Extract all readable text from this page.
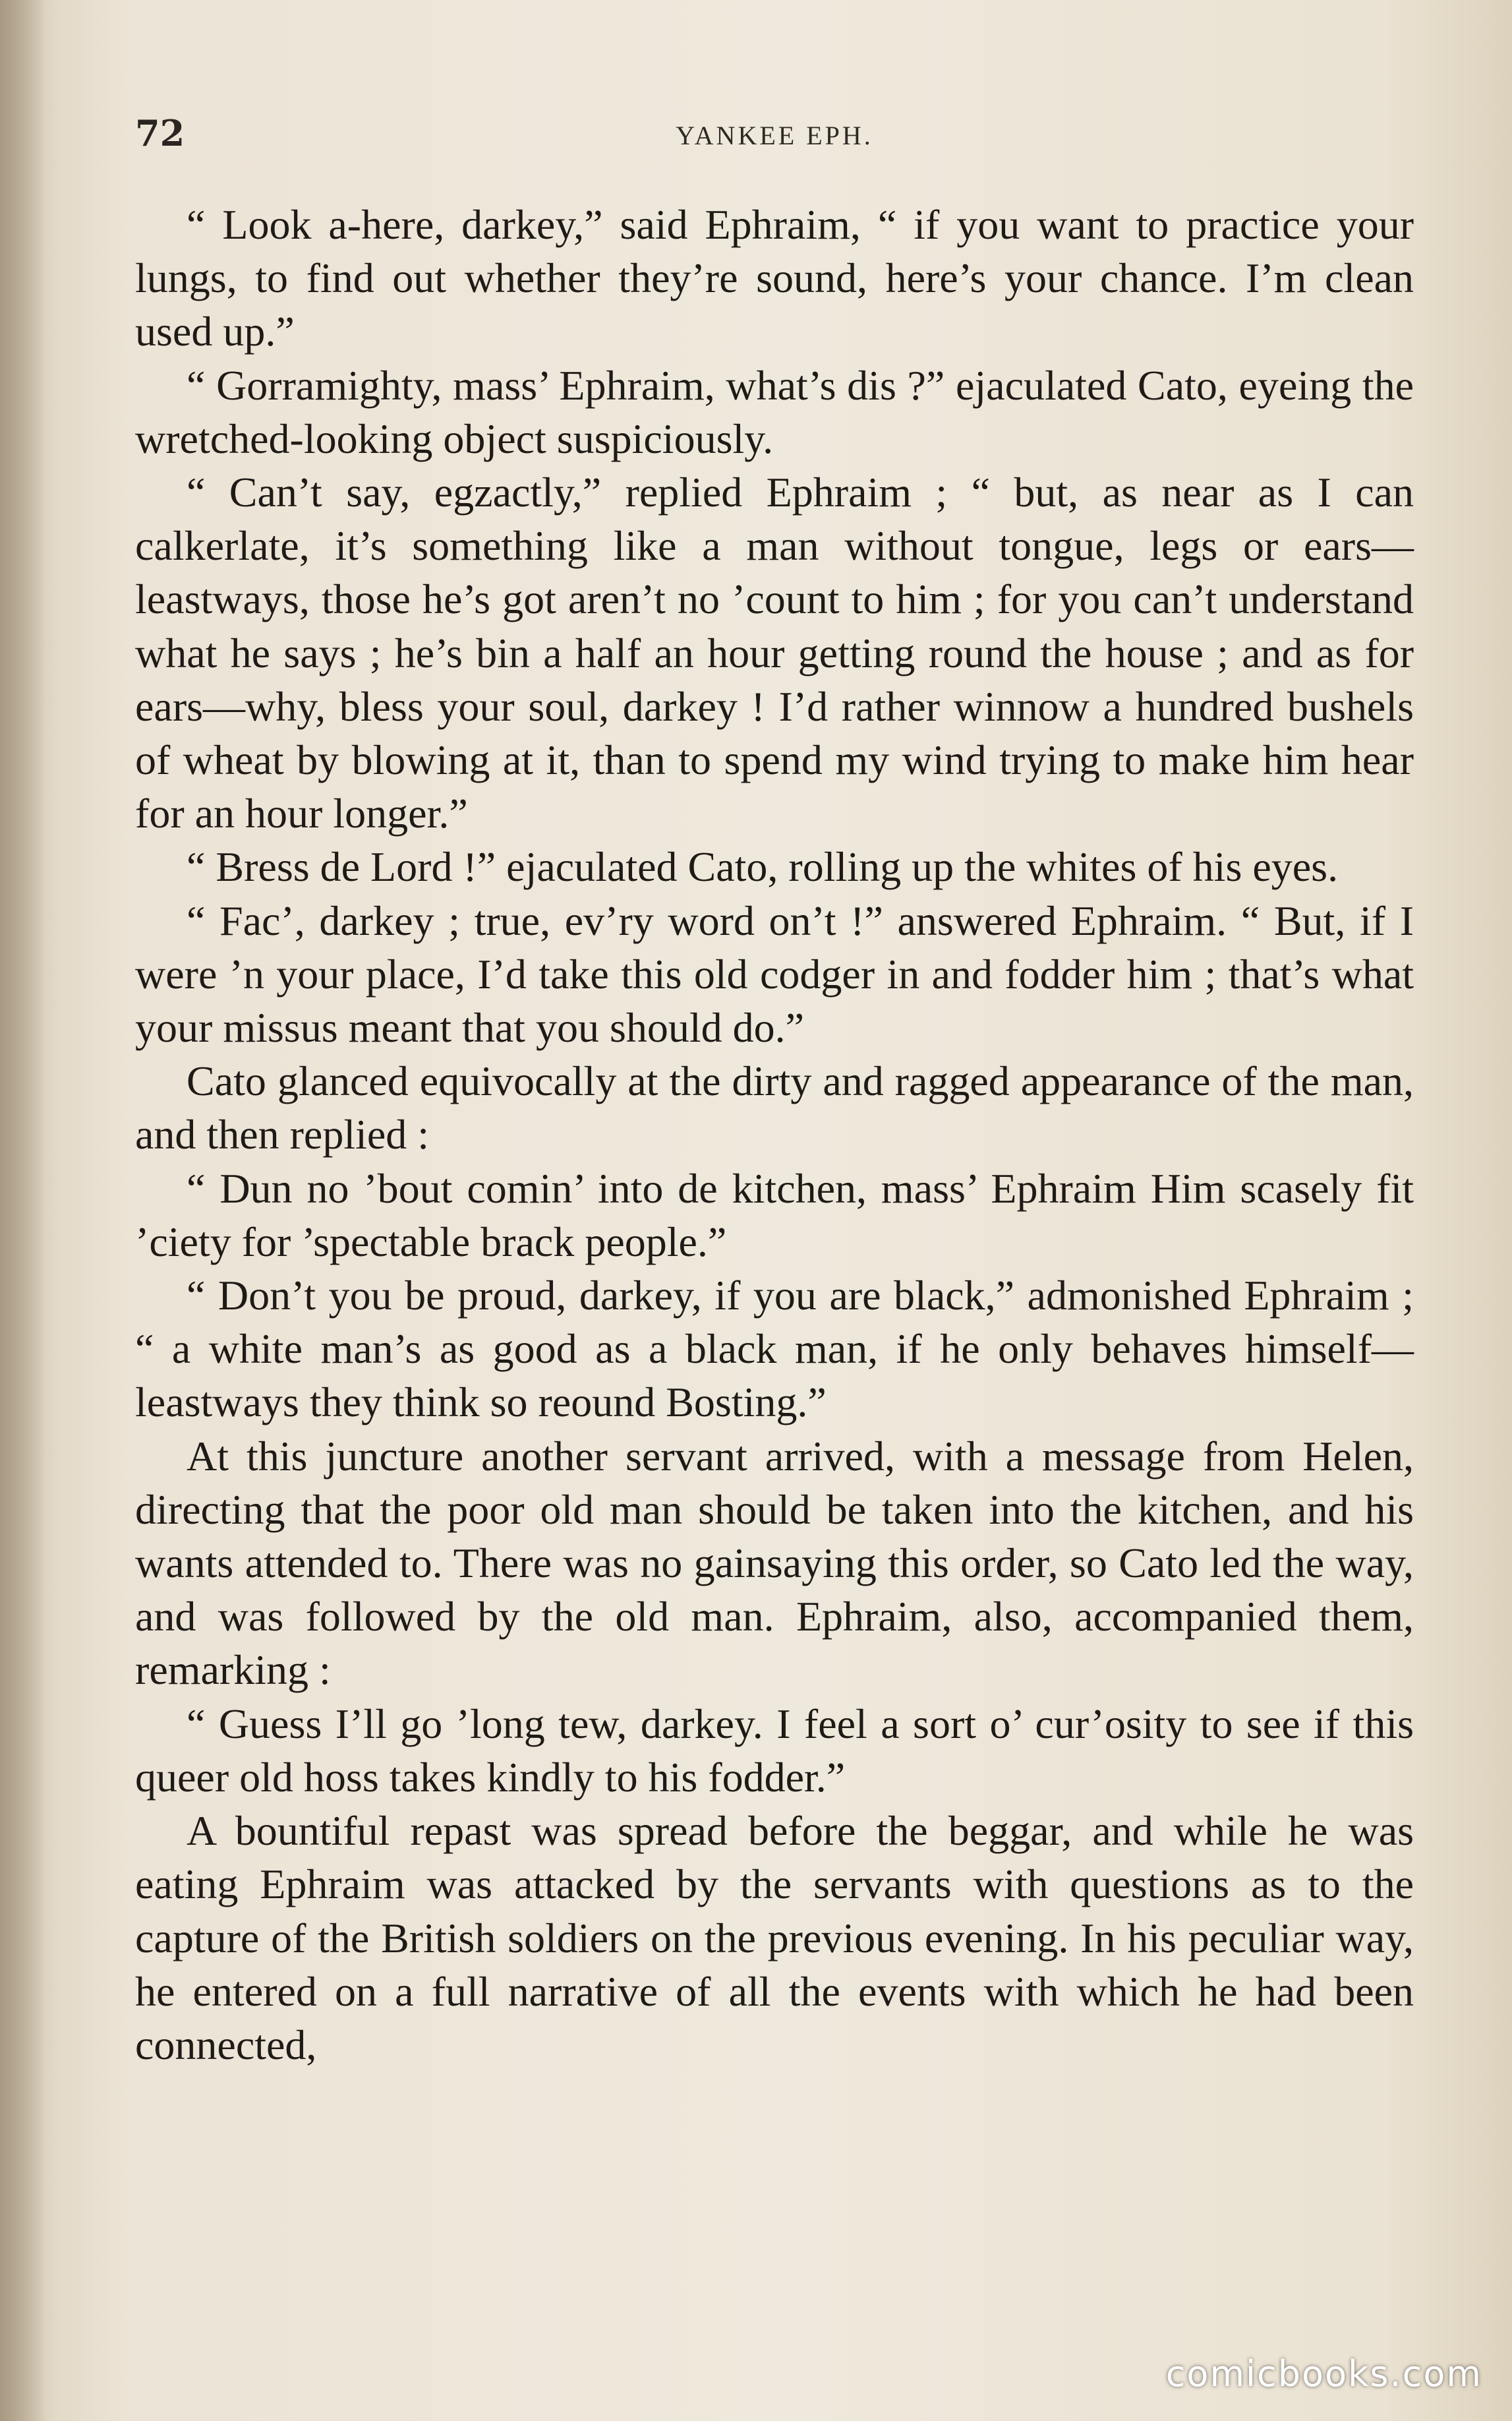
72	YANKEE EPH.

“ Look a-here, darkey,” said Ephraim, “ if you want to practice your lungs, to find out whether they’re sound, here’s your chance. I’m clean used up.”

“ Gorramighty, mass’ Ephraim, what’s dis ?” ejaculated Cato, eyeing the wretched-looking object suspiciously.

“ Can’t say, egzactly,” replied Ephraim ; “ but, as near as I can calkerlate, it’s something like a man without tongue, legs or ears—leastways, those he’s got aren’t no ’count to him ; for you can’t understand what he says ; he’s bin a half an hour getting round the house ; and as for ears—why, bless your soul, darkey ! I’d rather winnow a hundred bushels of wheat by blowing at it, than to spend my wind trying to make him hear for an hour longer.”

“ Bress de Lord !” ejaculated Cato, rolling up the whites of his eyes.

“ Fac’, darkey ; true, ev’ry word on’t !” answered Ephraim. “ But, if I were ’n your place, I’d take this old codger in and fodder him ; that’s what your missus meant that you should do.”

Cato glanced equivocally at the dirty and ragged appearance of the man, and then replied :

“ Dun no ’bout comin’ into de kitchen, mass’ Ephraim Him scasely fit ’ciety for ’spectable brack people.”

“ Don’t you be proud, darkey, if you are black,” admonished Ephraim ; “ a white man’s as good as a black man, if he only behaves himself—leastways they think so reound Bosting.”

At this juncture another servant arrived, with a message from Helen, directing that the poor old man should be taken into the kitchen, and his wants attended to. There was no gainsaying this order, so Cato led the way, and was followed by the old man. Ephraim, also, accompanied them, remarking :

“ Guess I’ll go ’long tew, darkey. I feel a sort o’ cur’osity to see if this queer old hoss takes kindly to his fodder.”

A bountiful repast was spread before the beggar, and while he was eating Ephraim was attacked by the servants with questions as to the capture of the British soldiers on the previous evening. In his peculiar way, he entered on a full narrative of all the events with which he had been connected,

comicbooks.com
